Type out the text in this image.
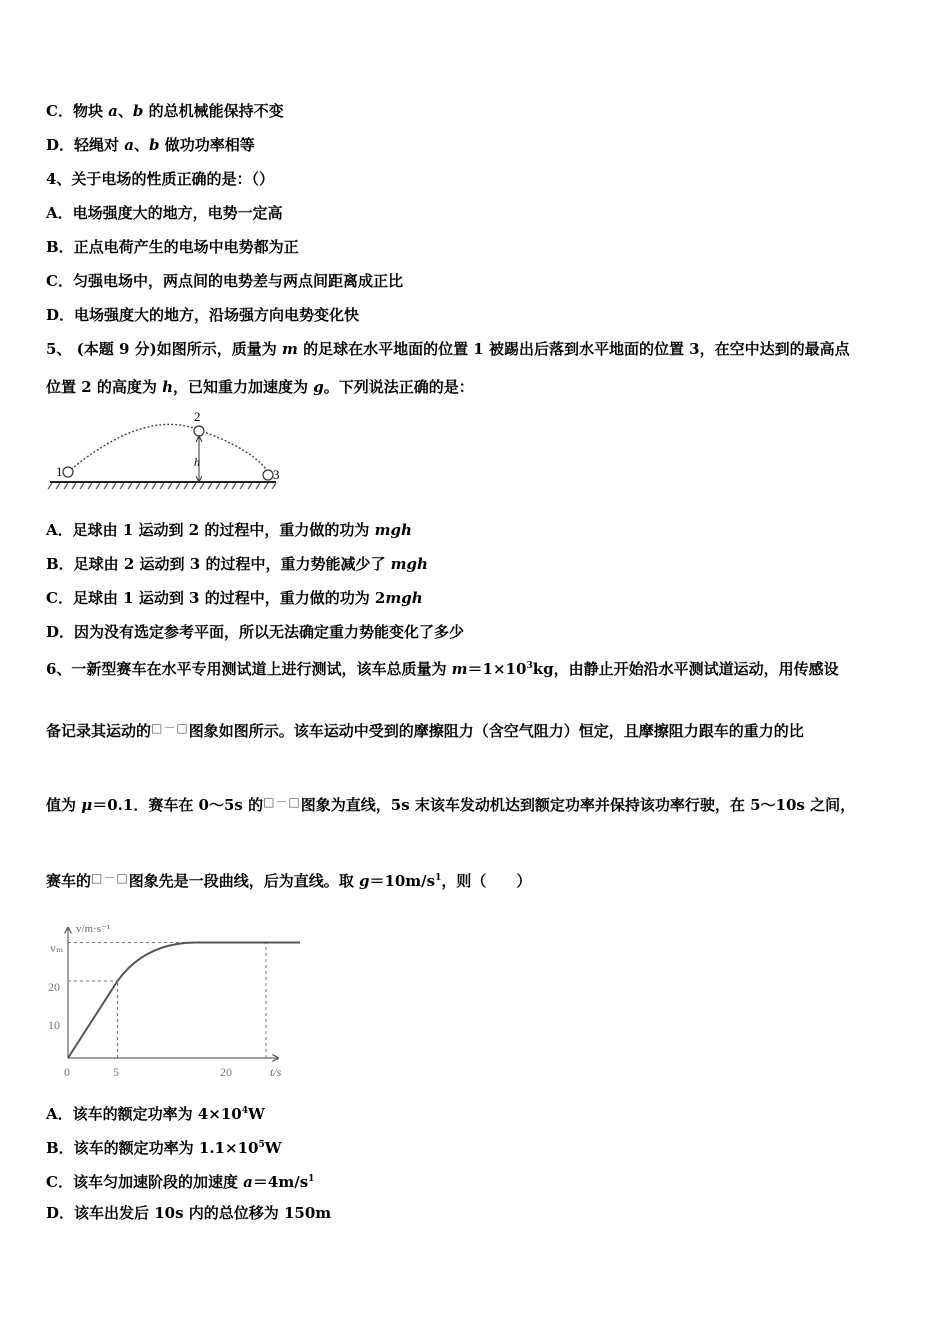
C．物块 a、b 的总机械能保持不变
D．轻绳对 a、b 做功功率相等
4、关于电场的性质正确的是：（）
A．电场强度大的地方，电势一定高
B．正点电荷产生的电场中电势都为正
C．匀强电场中，两点间的电势差与两点间距离成正比
D．电场强度大的地方，沿场强方向电势变化快
5、 (本题 9 分)如图所示，质量为 m 的足球在水平地面的位置 1 被踢出后落到水平地面的位置 3，在空中达到的最高点
位置 2 的高度为 h，已知重力加速度为 g。下列说法正确的是：
1
2
3
h
A．足球由 1 运动到 2 的过程中，重力做的功为 mgh
B．足球由 2 运动到 3 的过程中，重力势能减少了 mgh
C．足球由 1 运动到 3 的过程中，重力做的功为 2mgh
D．因为没有选定参考平面，所以无法确定重力势能变化了多少
6、一新型赛车在水平专用测试道上进行测试，该车总质量为 $m=1\times 10^3kg$，由静止开始沿水平测试道运动，用传感设
备记录其运动的□－□图象如图所示。该车运动中受到的摩擦阻力（含空气阻力）恒定，且摩擦阻力跟车的重力的比
值为 μ＝0.1．赛车在 0～5s 的□－□图象为直线，5s 末该车发动机达到额定功率并保持该功率行驶，在 5～10s 之间，
赛车的□－□图象先是一段曲线，后为直线。取 $g=10m/s^1$，则（　　）
v/m·s⁻¹
t/s
vₘ
20
10
0	5	20
A．该车的额定功率为 $4\times 10^4W$
B．该车的额定功率为 $1.1\times 10^5W$
C．该车匀加速阶段的加速度 $a=4m/s^1$
D．该车出发后 10s 内的总位移为 150m
